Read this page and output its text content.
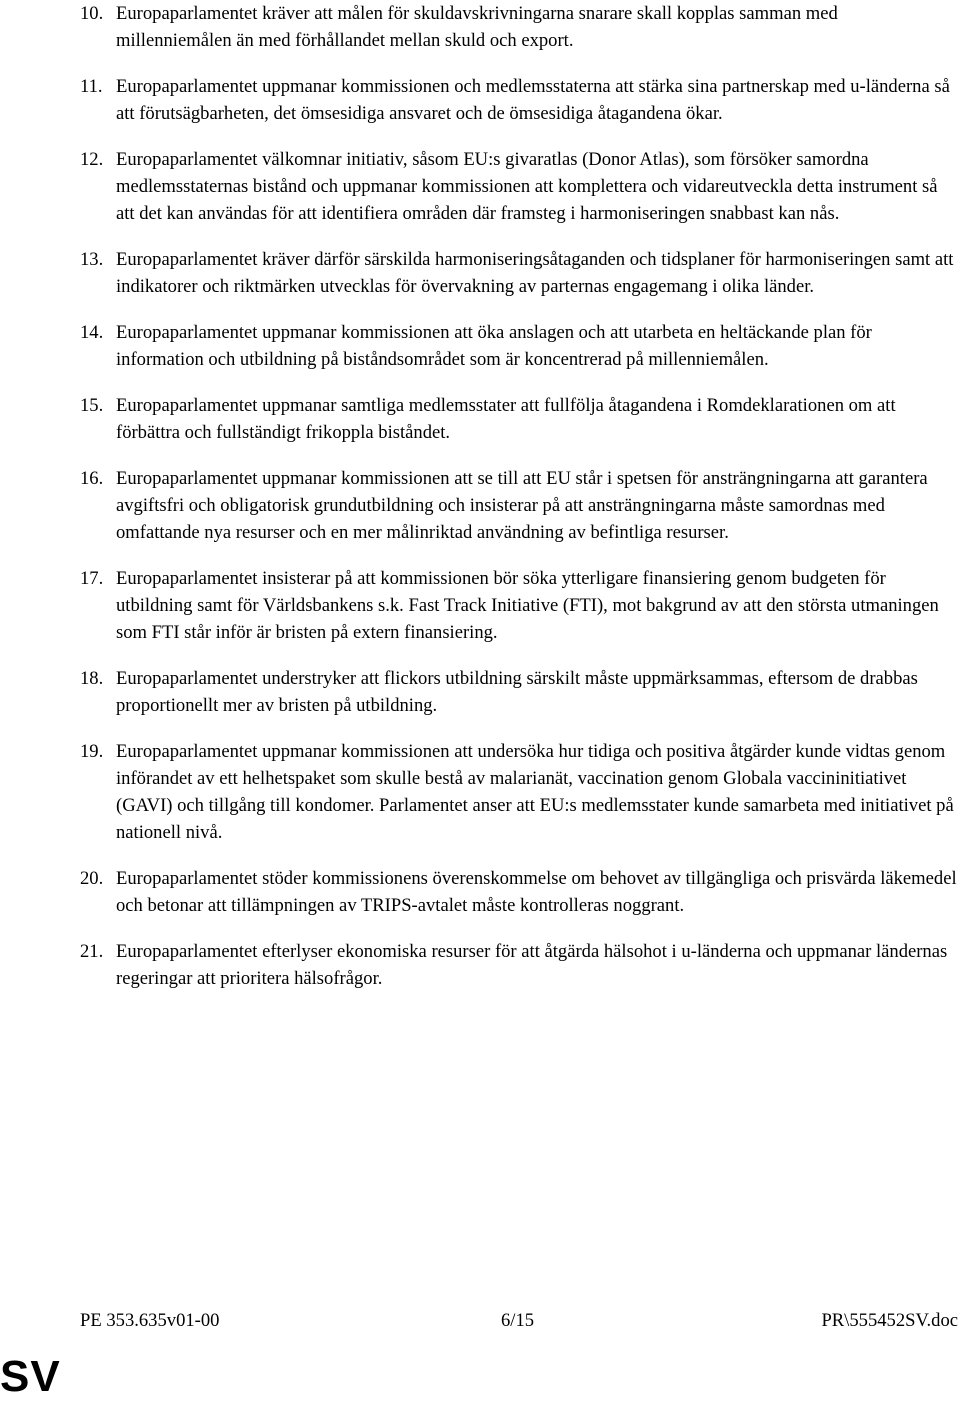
10. Europaparlamentet kräver att målen för skuldavskrivningarna snarare skall kopplas samman med millenniemålen än med förhållandet mellan skuld och export.
11. Europaparlamentet uppmanar kommissionen och medlemsstaterna att stärka sina partnerskap med u-länderna så att förutsägbarheten, det ömsesidiga ansvaret och de ömsesidiga åtagandena ökar.
12. Europaparlamentet välkomnar initiativ, såsom EU:s givaratlas (Donor Atlas), som försöker samordna medlemsstaternas bistånd och uppmanar kommissionen att komplettera och vidareutveckla detta instrument så att det kan användas för att identifiera områden där framsteg i harmoniseringen snabbast kan nås.
13. Europaparlamentet kräver därför särskilda harmoniseringsåtaganden och tidsplaner för harmoniseringen samt att indikatorer och riktmärken utvecklas för övervakning av parternas engagemang i olika länder.
14. Europaparlamentet uppmanar kommissionen att öka anslagen och att utarbeta en heltäckande plan för information och utbildning på biståndsområdet som är koncentrerad på millenniemålen.
15. Europaparlamentet uppmanar samtliga medlemsstater att fullfölja åtagandena i Romdeklarationen om att förbättra och fullständigt frikoppla biståndet.
16. Europaparlamentet uppmanar kommissionen att se till att EU står i spetsen för ansträngningarna att garantera avgiftsfri och obligatorisk grundutbildning och insisterar på att ansträngningarna måste samordnas med omfattande nya resurser och en mer målinriktad användning av befintliga resurser.
17. Europaparlamentet insisterar på att kommissionen bör söka ytterligare finansiering genom budgeten för utbildning samt för Världsbankens s.k. Fast Track Initiative (FTI), mot bakgrund av att den största utmaningen som FTI står inför är bristen på extern finansiering.
18. Europaparlamentet understryker att flickors utbildning särskilt måste uppmärksammas, eftersom de drabbas proportionellt mer av bristen på utbildning.
19. Europaparlamentet uppmanar kommissionen att undersöka hur tidiga och positiva åtgärder kunde vidtas genom införandet av ett helhetspaket som skulle bestå av malarianät, vaccination genom Globala vaccininitiativet (GAVI) och tillgång till kondomer. Parlamentet anser att EU:s medlemsstater kunde samarbeta med initiativet på nationell nivå.
20. Europaparlamentet stöder kommissionens överenskommelse om behovet av tillgängliga och prisvärda läkemedel och betonar att tillämpningen av TRIPS-avtalet måste kontrolleras noggrant.
21. Europaparlamentet efterlyser ekonomiska resurser för att åtgärda hälsohot i u-länderna och uppmanar ländernas regeringar att prioritera hälsofrågor.
PE 353.635v01-00	6/15	PR\555452SV.doc
SV
